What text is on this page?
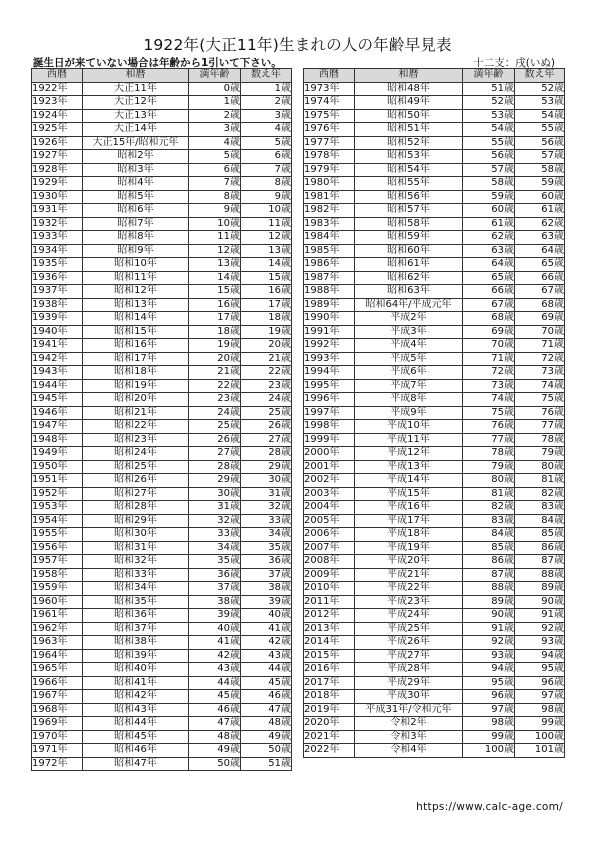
1922年(大正11年)生まれの人の年齢早見表
誕生日が来ていない場合は年齢から1引いて下さい。	十二支：戌(いぬ)
西暦	和暦	満年齢	数え年
1922年	大正11年	0歳	1歳
1923年	大正12年	1歳	2歳
1924年	大正13年	2歳	3歳
1925年	大正14年	3歳	4歳
1926年	大正15年/昭和元年	4歳	5歳
1927年	昭和2年	5歳	6歳
1928年	昭和3年	6歳	7歳
1929年	昭和4年	7歳	8歳
1930年	昭和5年	8歳	9歳
1931年	昭和6年	9歳	10歳
1932年	昭和7年	10歳	11歳
1933年	昭和8年	11歳	12歳
1934年	昭和9年	12歳	13歳
1935年	昭和10年	13歳	14歳
1936年	昭和11年	14歳	15歳
1937年	昭和12年	15歳	16歳
1938年	昭和13年	16歳	17歳
1939年	昭和14年	17歳	18歳
1940年	昭和15年	18歳	19歳
1941年	昭和16年	19歳	20歳
1942年	昭和17年	20歳	21歳
1943年	昭和18年	21歳	22歳
1944年	昭和19年	22歳	23歳
1945年	昭和20年	23歳	24歳
1946年	昭和21年	24歳	25歳
1947年	昭和22年	25歳	26歳
1948年	昭和23年	26歳	27歳
1949年	昭和24年	27歳	28歳
1950年	昭和25年	28歳	29歳
1951年	昭和26年	29歳	30歳
1952年	昭和27年	30歳	31歳
1953年	昭和28年	31歳	32歳
1954年	昭和29年	32歳	33歳
1955年	昭和30年	33歳	34歳
1956年	昭和31年	34歳	35歳
1957年	昭和32年	35歳	36歳
1958年	昭和33年	36歳	37歳
1959年	昭和34年	37歳	38歳
1960年	昭和35年	38歳	39歳
1961年	昭和36年	39歳	40歳
1962年	昭和37年	40歳	41歳
1963年	昭和38年	41歳	42歳
1964年	昭和39年	42歳	43歳
1965年	昭和40年	43歳	44歳
1966年	昭和41年	44歳	45歳
1967年	昭和42年	45歳	46歳
1968年	昭和43年	46歳	47歳
1969年	昭和44年	47歳	48歳
1970年	昭和45年	48歳	49歳
1971年	昭和46年	49歳	50歳
1972年	昭和47年	50歳	51歳
西暦	和暦	満年齢	数え年
1973年	昭和48年	51歳	52歳
1974年	昭和49年	52歳	53歳
1975年	昭和50年	53歳	54歳
1976年	昭和51年	54歳	55歳
1977年	昭和52年	55歳	56歳
1978年	昭和53年	56歳	57歳
1979年	昭和54年	57歳	58歳
1980年	昭和55年	58歳	59歳
1981年	昭和56年	59歳	60歳
1982年	昭和57年	60歳	61歳
1983年	昭和58年	61歳	62歳
1984年	昭和59年	62歳	63歳
1985年	昭和60年	63歳	64歳
1986年	昭和61年	64歳	65歳
1987年	昭和62年	65歳	66歳
1988年	昭和63年	66歳	67歳
1989年	昭和64年/平成元年	67歳	68歳
1990年	平成2年	68歳	69歳
1991年	平成3年	69歳	70歳
1992年	平成4年	70歳	71歳
1993年	平成5年	71歳	72歳
1994年	平成6年	72歳	73歳
1995年	平成7年	73歳	74歳
1996年	平成8年	74歳	75歳
1997年	平成9年	75歳	76歳
1998年	平成10年	76歳	77歳
1999年	平成11年	77歳	78歳
2000年	平成12年	78歳	79歳
2001年	平成13年	79歳	80歳
2002年	平成14年	80歳	81歳
2003年	平成15年	81歳	82歳
2004年	平成16年	82歳	83歳
2005年	平成17年	83歳	84歳
2006年	平成18年	84歳	85歳
2007年	平成19年	85歳	86歳
2008年	平成20年	86歳	87歳
2009年	平成21年	87歳	88歳
2010年	平成22年	88歳	89歳
2011年	平成23年	89歳	90歳
2012年	平成24年	90歳	91歳
2013年	平成25年	91歳	92歳
2014年	平成26年	92歳	93歳
2015年	平成27年	93歳	94歳
2016年	平成28年	94歳	95歳
2017年	平成29年	95歳	96歳
2018年	平成30年	96歳	97歳
2019年	平成31年/令和元年	97歳	98歳
2020年	令和2年	98歳	99歳
2021年	令和3年	99歳	100歳
2022年	令和4年	100歳	101歳
https://www.calc-age.com/
